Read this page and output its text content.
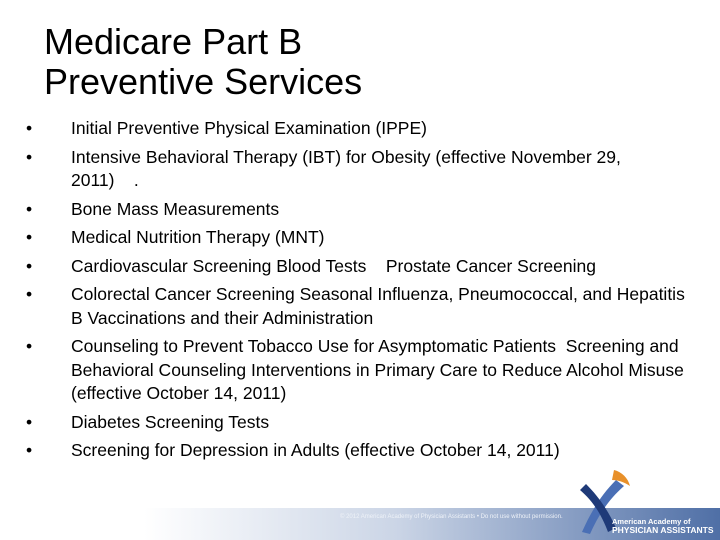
Medicare Part B
Preventive Services
•	Initial Preventive Physical Examination (IPPE)
•	Intensive Behavioral Therapy (IBT) for Obesity (effective November 29, 2011)    .
•	Bone Mass Measurements
•	Medical Nutrition Therapy (MNT)
•	Cardiovascular Screening Blood Tests    Prostate Cancer Screening
•	Colorectal Cancer Screening Seasonal Influenza, Pneumococcal, and Hepatitis B Vaccinations and their Administration
•	Counseling to Prevent Tobacco Use for Asymptomatic Patients  Screening and Behavioral Counseling Interventions in Primary Care to Reduce Alcohol Misuse (effective October 14, 2011)
•	Diabetes Screening Tests
•	Screening for Depression in Adults (effective October 14, 2011)
© 2012 American Academy of Physician Assistants • Do not use without permission.	American Academy of
PHYSICIAN ASSISTANTS
